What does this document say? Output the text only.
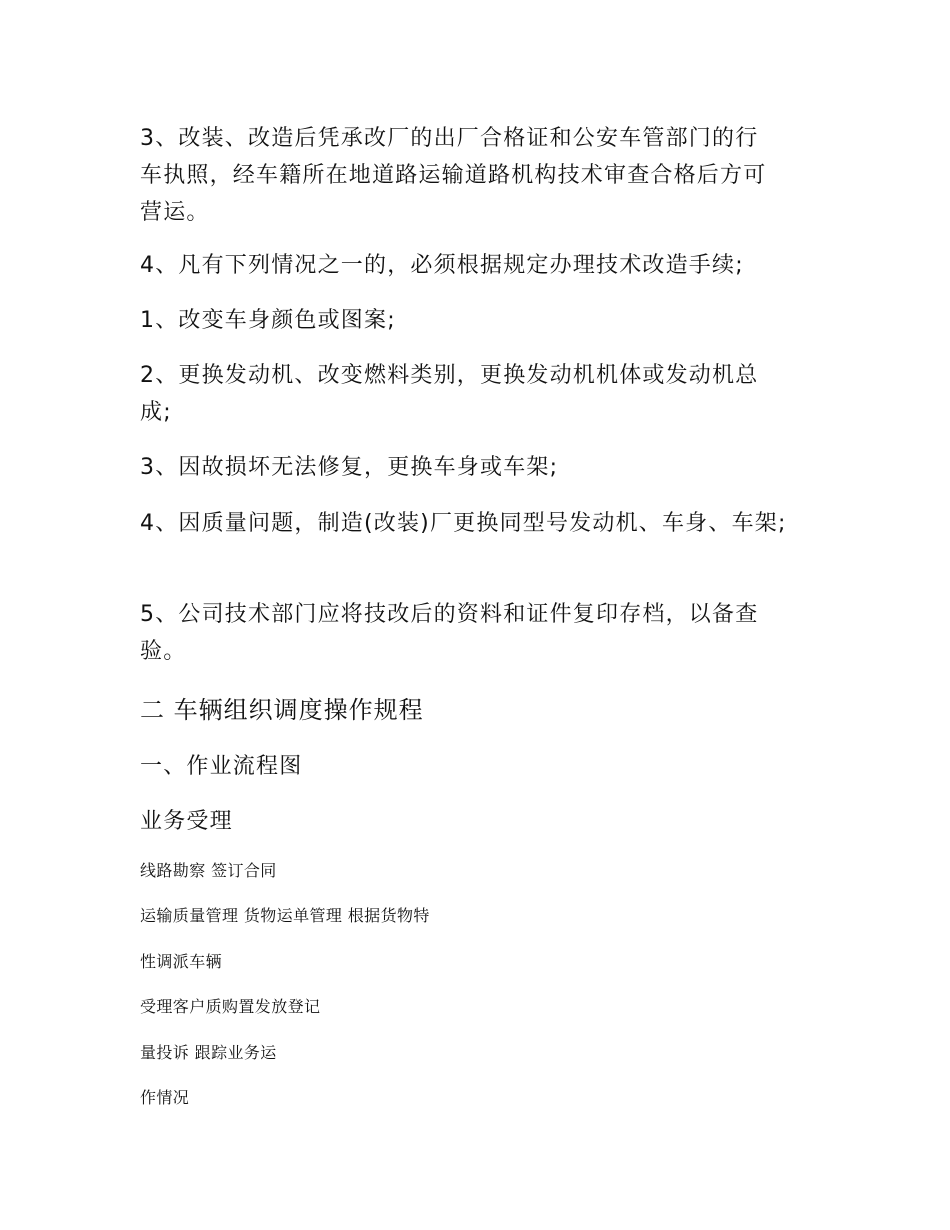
3、改装、改造后凭承改厂的出厂合格证和公安车管部门的行
车执照，经车籍所在地道路运输道路机构技术审查合格后方可
营运。
4、凡有下列情况之一的，必须根据规定办理技术改造手续;
1、改变车身颜色或图案;
2、更换发动机、改变燃料类别，更换发动机机体或发动机总
成;
3、因故损坏无法修复，更换车身或车架;
4、因质量问题，制造(改装)厂更换同型号发动机、车身、车架;
5、公司技术部门应将技改后的资料和证件复印存档，以备查
验。
二 车辆组织调度操作规程
一、作业流程图
业务受理
线路勘察 签订合同
运输质量管理 货物运单管理 根据货物特
性调派车辆
受理客户质购置发放登记
量投诉 跟踪业务运
作情况
